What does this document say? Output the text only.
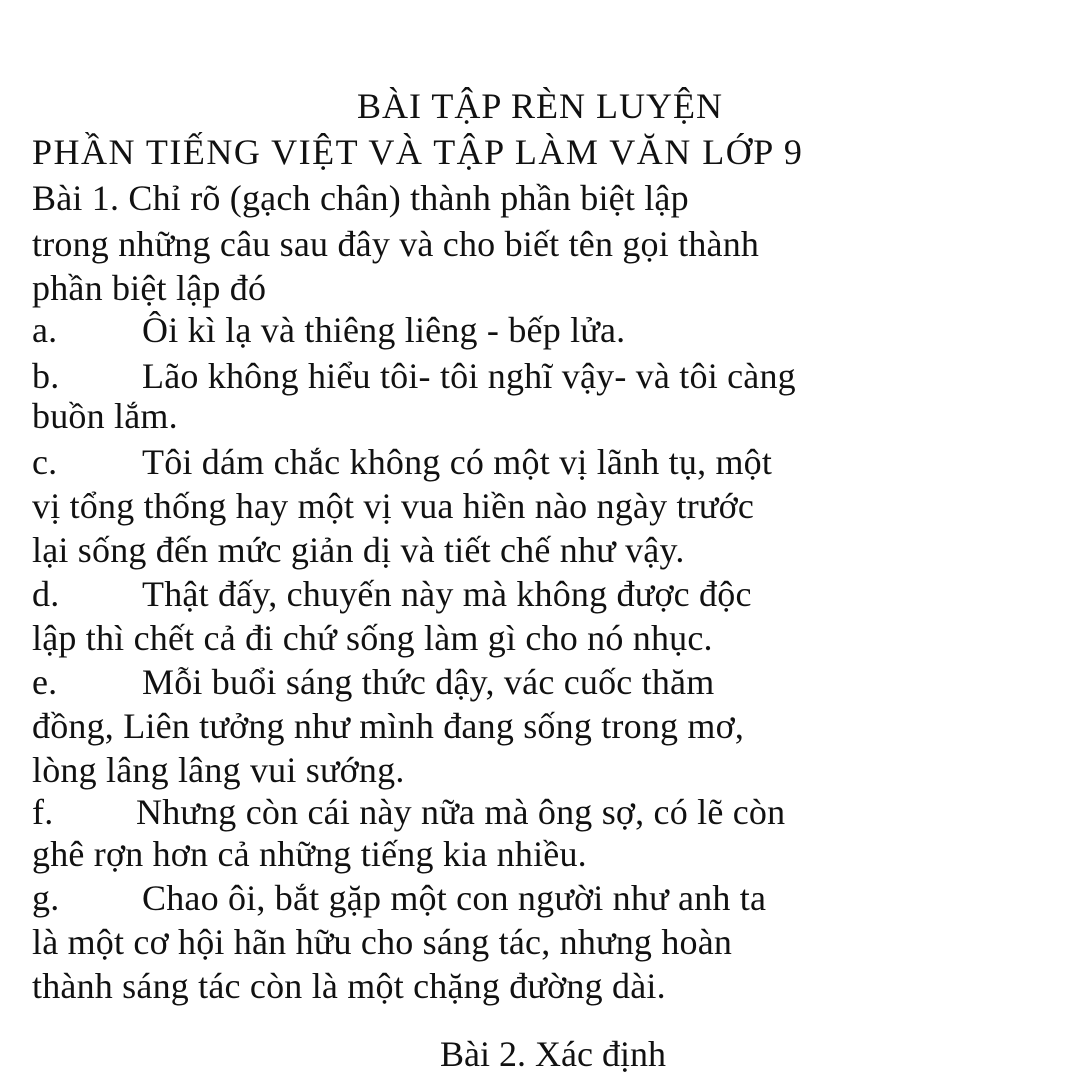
BÀI TẬP RÈN LUYỆN
PHẦN TIẾNG VIỆT VÀ TẬP LÀM VĂN LỚP 9
Bài 1. Chỉ rõ (gạch chân) thành phần biệt lập
trong những câu sau đây và cho biết tên gọi thành
phần biệt lập đó
a. Ôi kì lạ và thiêng liêng - bếp lửa.
b. Lão không hiểu tôi- tôi nghĩ vậy- và tôi càng
buồn lắm.
c. Tôi dám chắc không có một vị lãnh tụ, một
vị tổng thống hay một vị vua hiền nào ngày trước
lại sống đến mức giản dị và tiết chế như vậy.
d. Thật đấy, chuyến này mà không được độc
lập thì chết cả đi chứ sống làm gì cho nó nhục.
e. Mỗi buổi sáng thức dậy, vác cuốc thăm
đồng, Liên tưởng như mình đang sống trong mơ,
lòng lâng lâng vui sướng.
f. Nhưng còn cái này nữa mà ông sợ, có lẽ còn
ghê rợn hơn cả những tiếng kia nhiều.
g. Chao ôi, bắt gặp một con người như anh ta
là một cơ hội hãn hữu cho sáng tác, nhưng hoàn
thành sáng tác còn là một chặng đường dài.
Bài 2. Xác định
